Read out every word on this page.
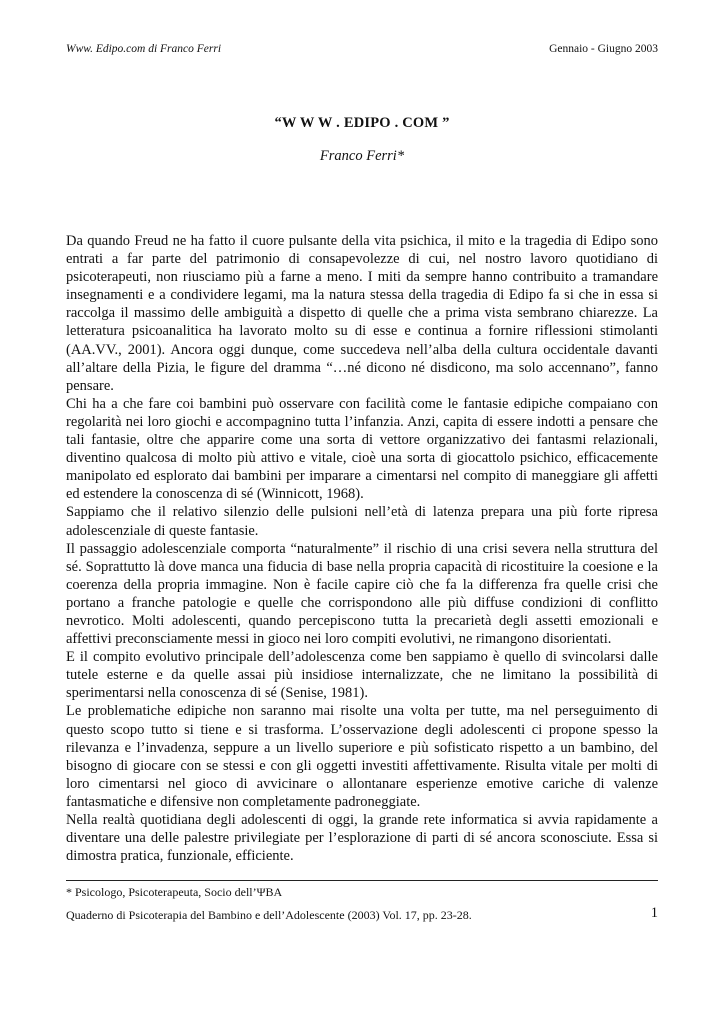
Www. Edipo.com di Franco Ferri	Gennaio - Giugno 2003
“W W W . EDIPO . COM ”
Franco Ferri*

Da quando Freud ne ha fatto il cuore pulsante della vita psichica, il mito e la tragedia di Edipo sono entrati a far parte del patrimonio di consapevolezze di cui, nel nostro lavoro quotidiano di psicoterapeuti, non riusciamo più a farne a meno. I miti da sempre hanno contribuito a tramandare insegnamenti e a condividere legami, ma la natura stessa della tragedia di Edipo fa si che in essa si raccolga il massimo delle ambiguità a dispetto di quelle che a prima vista sembrano chiarezze. La letteratura psicoanalitica ha lavorato molto su di esse e continua a fornire riflessioni stimolanti (AA.VV., 2001). Ancora oggi dunque, come succedeva nell’alba della cultura occidentale davanti all’altare della Pizia, le figure del dramma “…né dicono né disdicono, ma solo accennano”, fanno pensare.

Chi ha a che fare coi bambini può osservare con facilità come le fantasie edipiche compaiano con regolarità nei loro giochi e accompagnino tutta l’infanzia. Anzi, capita di essere indotti a pensare che tali fantasie, oltre che apparire come una sorta di vettore organizzativo dei fantasmi relazionali, diventino qualcosa di molto più attivo e vitale, cioè una sorta di giocattolo psichico, efficacemente manipolato ed esplorato dai bambini per imparare a cimentarsi nel compito di maneggiare gli affetti ed estendere la conoscenza di sé (Winnicott, 1968).

Sappiamo che il relativo silenzio delle pulsioni nell’età di latenza prepara una più forte ripresa adolescenziale di queste fantasie.

Il passaggio adolescenziale comporta “naturalmente” il rischio di una crisi severa nella struttura del sé. Soprattutto là dove manca una fiducia di base nella propria capacità di ricostituire la coesione e la coerenza della propria immagine. Non è facile capire ciò che fa la differenza fra quelle crisi che portano a franche patologie e quelle che corrispondono alle più diffuse condizioni di conflitto nevrotico. Molti adolescenti, quando percepiscono tutta la precarietà degli assetti emozionali e affettivi preconsciamente messi in gioco nei loro compiti evolutivi, ne rimangono disorientati.

E il compito evolutivo principale dell’adolescenza come ben sappiamo è quello di svincolarsi dalle tutele esterne e da quelle assai più insidiose internalizzate, che ne limitano la possibilità di sperimentarsi nella conoscenza di sé (Senise, 1981).

Le problematiche edipiche non saranno mai risolte una volta per tutte, ma nel perseguimento di questo scopo tutto si tiene e si trasforma. L’osservazione degli adolescenti ci propone spesso la rilevanza e l’invadenza, seppure a un livello superiore e più sofisticato rispetto a un bambino, del bisogno di giocare con se stessi e con gli oggetti investiti affettivamente. Risulta vitale per molti di loro cimentarsi nel gioco di avvicinare o allontanare esperienze emotive cariche di valenze fantasmatiche e difensive non completamente padroneggiate.

Nella realtà quotidiana degli adolescenti di oggi, la grande rete informatica si avvia rapidamente a diventare una delle palestre privilegiate per l’esplorazione di parti di sé ancora sconosciute. Essa si dimostra pratica, funzionale, efficiente.

* Psicologo, Psicoterapeuta, Socio dell’ΨBA
Quaderno di Psicoterapia del Bambino e dell’Adolescente (2003) Vol. 17, pp. 23-28.	1
